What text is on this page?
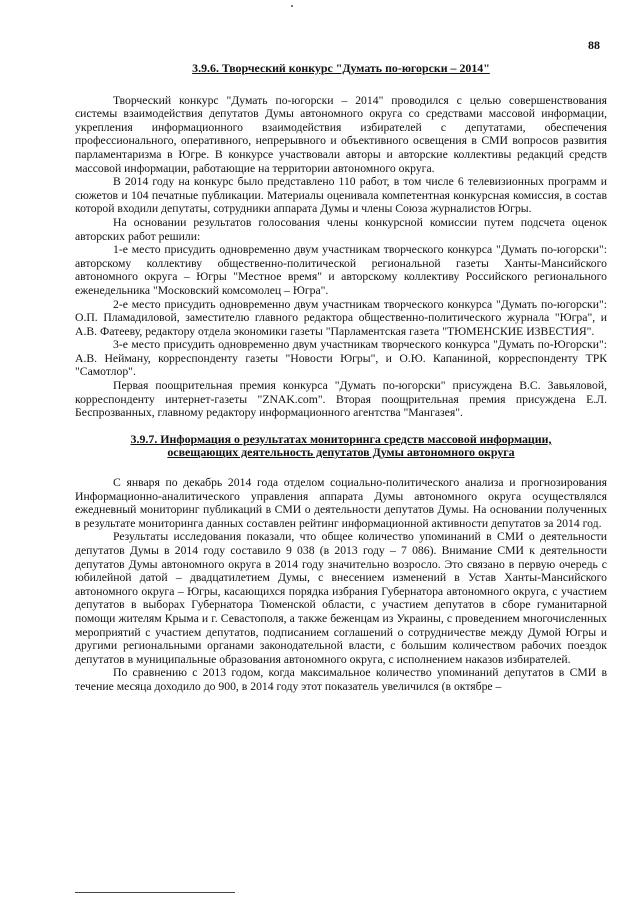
88
3.9.6. Творческий конкурс "Думать по-югорски – 2014"

Творческий конкурс "Думать по-югорски – 2014" проводился с целью совершенствования системы взаимодействия депутатов Думы автономного округа со средствами массовой информации, укрепления информационного взаимодействия избирателей с депутатами, обеспечения профессионального, оперативного, непрерывного и объективного освещения в СМИ вопросов развития парламентаризма в Югре. В конкурсе участвовали авторы и авторские коллективы редакций средств массовой информации, работающие на территории автономного округа.

В 2014 году на конкурс было представлено 110 работ, в том числе 6 телевизионных программ и сюжетов и 104 печатные публикации. Материалы оценивала компетентная конкурсная комиссия, в состав которой входили депутаты, сотрудники аппарата Думы и члены Союза журналистов Югры.

На основании результатов голосования члены конкурсной комиссии путем подсчета оценок авторских работ решили:

1-е место присудить одновременно двум участникам творческого конкурса "Думать по-югорски": авторскому коллективу общественно-политической региональной газеты Ханты-Мансийского автономного округа – Югры "Местное время" и авторскому коллективу Российского регионального еженедельника "Московский комсомолец – Югра".

2-е место присудить одновременно двум участникам творческого конкурса "Думать по-югорски": О.П. Пламадиловой, заместителю главного редактора общественно-политического журнала "Югра", и А.В. Фатееву, редактору отдела экономики газеты "Парламентская газета "ТЮМЕНСКИЕ ИЗВЕСТИЯ".

3-е место присудить одновременно двум участникам творческого конкурса "Думать по-Югорски": А.В. Нейману, корреспонденту газеты "Новости Югры", и О.Ю. Капаниной, корреспонденту ТРК "Самотлор".

Первая поощрительная премия конкурса "Думать по-югорски" присуждена В.С. Завьяловой, корреспонденту интернет-газеты "ZNAK.com". Вторая поощрительная премия присуждена Е.Л. Беспрозванных, главному редактору информационного агентства "Мангазея".

3.9.7. Информация о результатах мониторинга средств массовой информации, освещающих деятельность депутатов Думы автономного округа

С января по декабрь 2014 года отделом социально-политического анализа и прогнозирования Информационно-аналитического управления аппарата Думы автономного округа осуществлялся ежедневный мониторинг публикаций в СМИ о деятельности депутатов Думы. На основании полученных в результате мониторинга данных составлен рейтинг информационной активности депутатов за 2014 год.

Результаты исследования показали, что общее количество упоминаний в СМИ о деятельности депутатов Думы в 2014 году составило 9 038 (в 2013 году – 7 086). Внимание СМИ к деятельности депутатов Думы автономного округа в 2014 году значительно возросло. Это связано в первую очередь с юбилейной датой – двадцатилетием Думы, с внесением изменений в Устав Ханты-Мансийского автономного округа – Югры, касающихся порядка избрания Губернатора автономного округа, с участием депутатов в выборах Губернатора Тюменской области, с участием депутатов в сборе гуманитарной помощи жителям Крыма и г. Севастополя, а также беженцам из Украины, с проведением многочисленных мероприятий с участием депутатов, подписанием соглашений о сотрудничестве между Думой Югры и другими региональными органами законодательной власти, с большим количеством рабочих поездок депутатов в муниципальные образования автономного округа, с исполнением наказов избирателей.

По сравнению с 2013 годом, когда максимальное количество упоминаний депутатов в СМИ в течение месяца доходило до 900, в 2014 году этот показатель увеличился (в октябре –
